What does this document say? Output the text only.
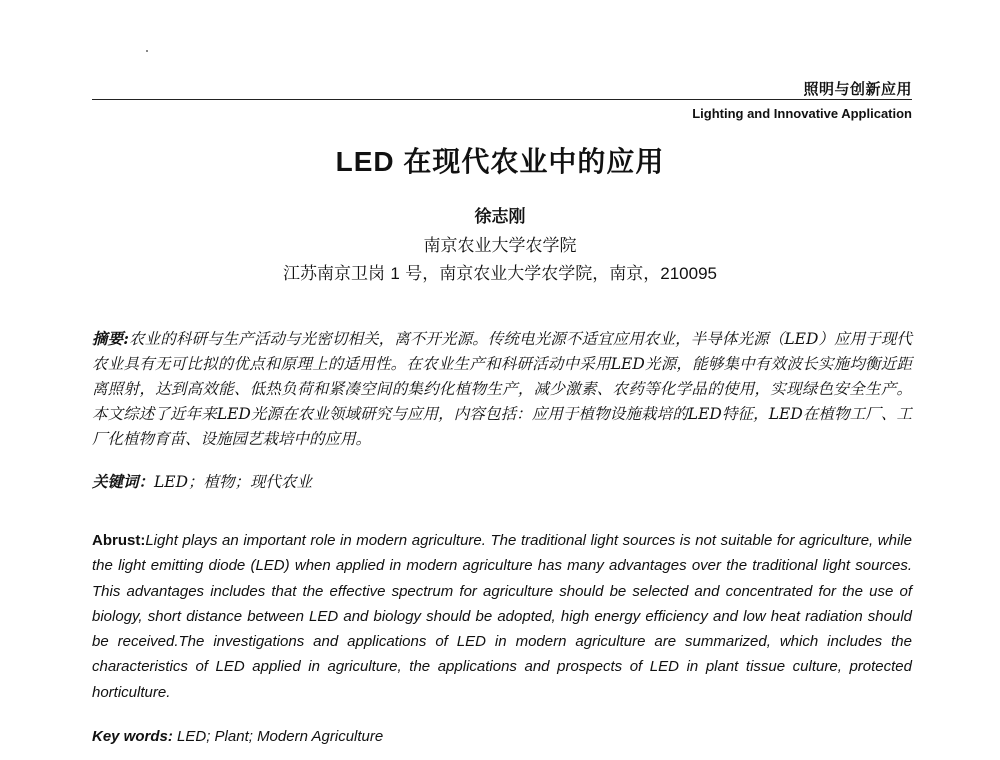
照明与创新应用
Lighting and Innovative Application
LED 在现代农业中的应用
徐志刚
南京农业大学农学院
江苏南京卫岗 1 号，南京农业大学农学院，南京，210095

摘要:农业的科研与生产活动与光密切相关，离不开光源。传统电光源不适宜应用农业，半导体光源（LED）应用于现代农业具有无可比拟的优点和原理上的适用性。在农业生产和科研活动中采用LED光源，能够集中有效波长实施均衡近距离照射，达到高效能、低热负荷和紧凑空间的集约化植物生产，减少激素、农药等化学品的使用，实现绿色安全生产。本文综述了近年来LED光源在农业领域研究与应用，内容包括：应用于植物设施栽培的LED特征，LED在植物工厂、工厂化植物育苗、设施园艺栽培中的应用。

关键词：LED；植物；现代农业

Abrust:Light plays an important role in modern agriculture. The traditional light sources is not suitable for agriculture, while the light emitting diode (LED) when applied in modern agriculture has many advantages over the traditional light sources. This advantages includes that the effective spectrum for agriculture should be selected and concentrated for the use of biology, short distance between LED and biology should be adopted, high energy efficiency and low heat radiation should be received.The investigations and applications of LED in modern agriculture are summarized, which includes the characteristics of LED applied in agriculture, the applications and prospects of LED in plant tissue culture, protected horticulture.

Key words: LED; Plant; Modern Agriculture
